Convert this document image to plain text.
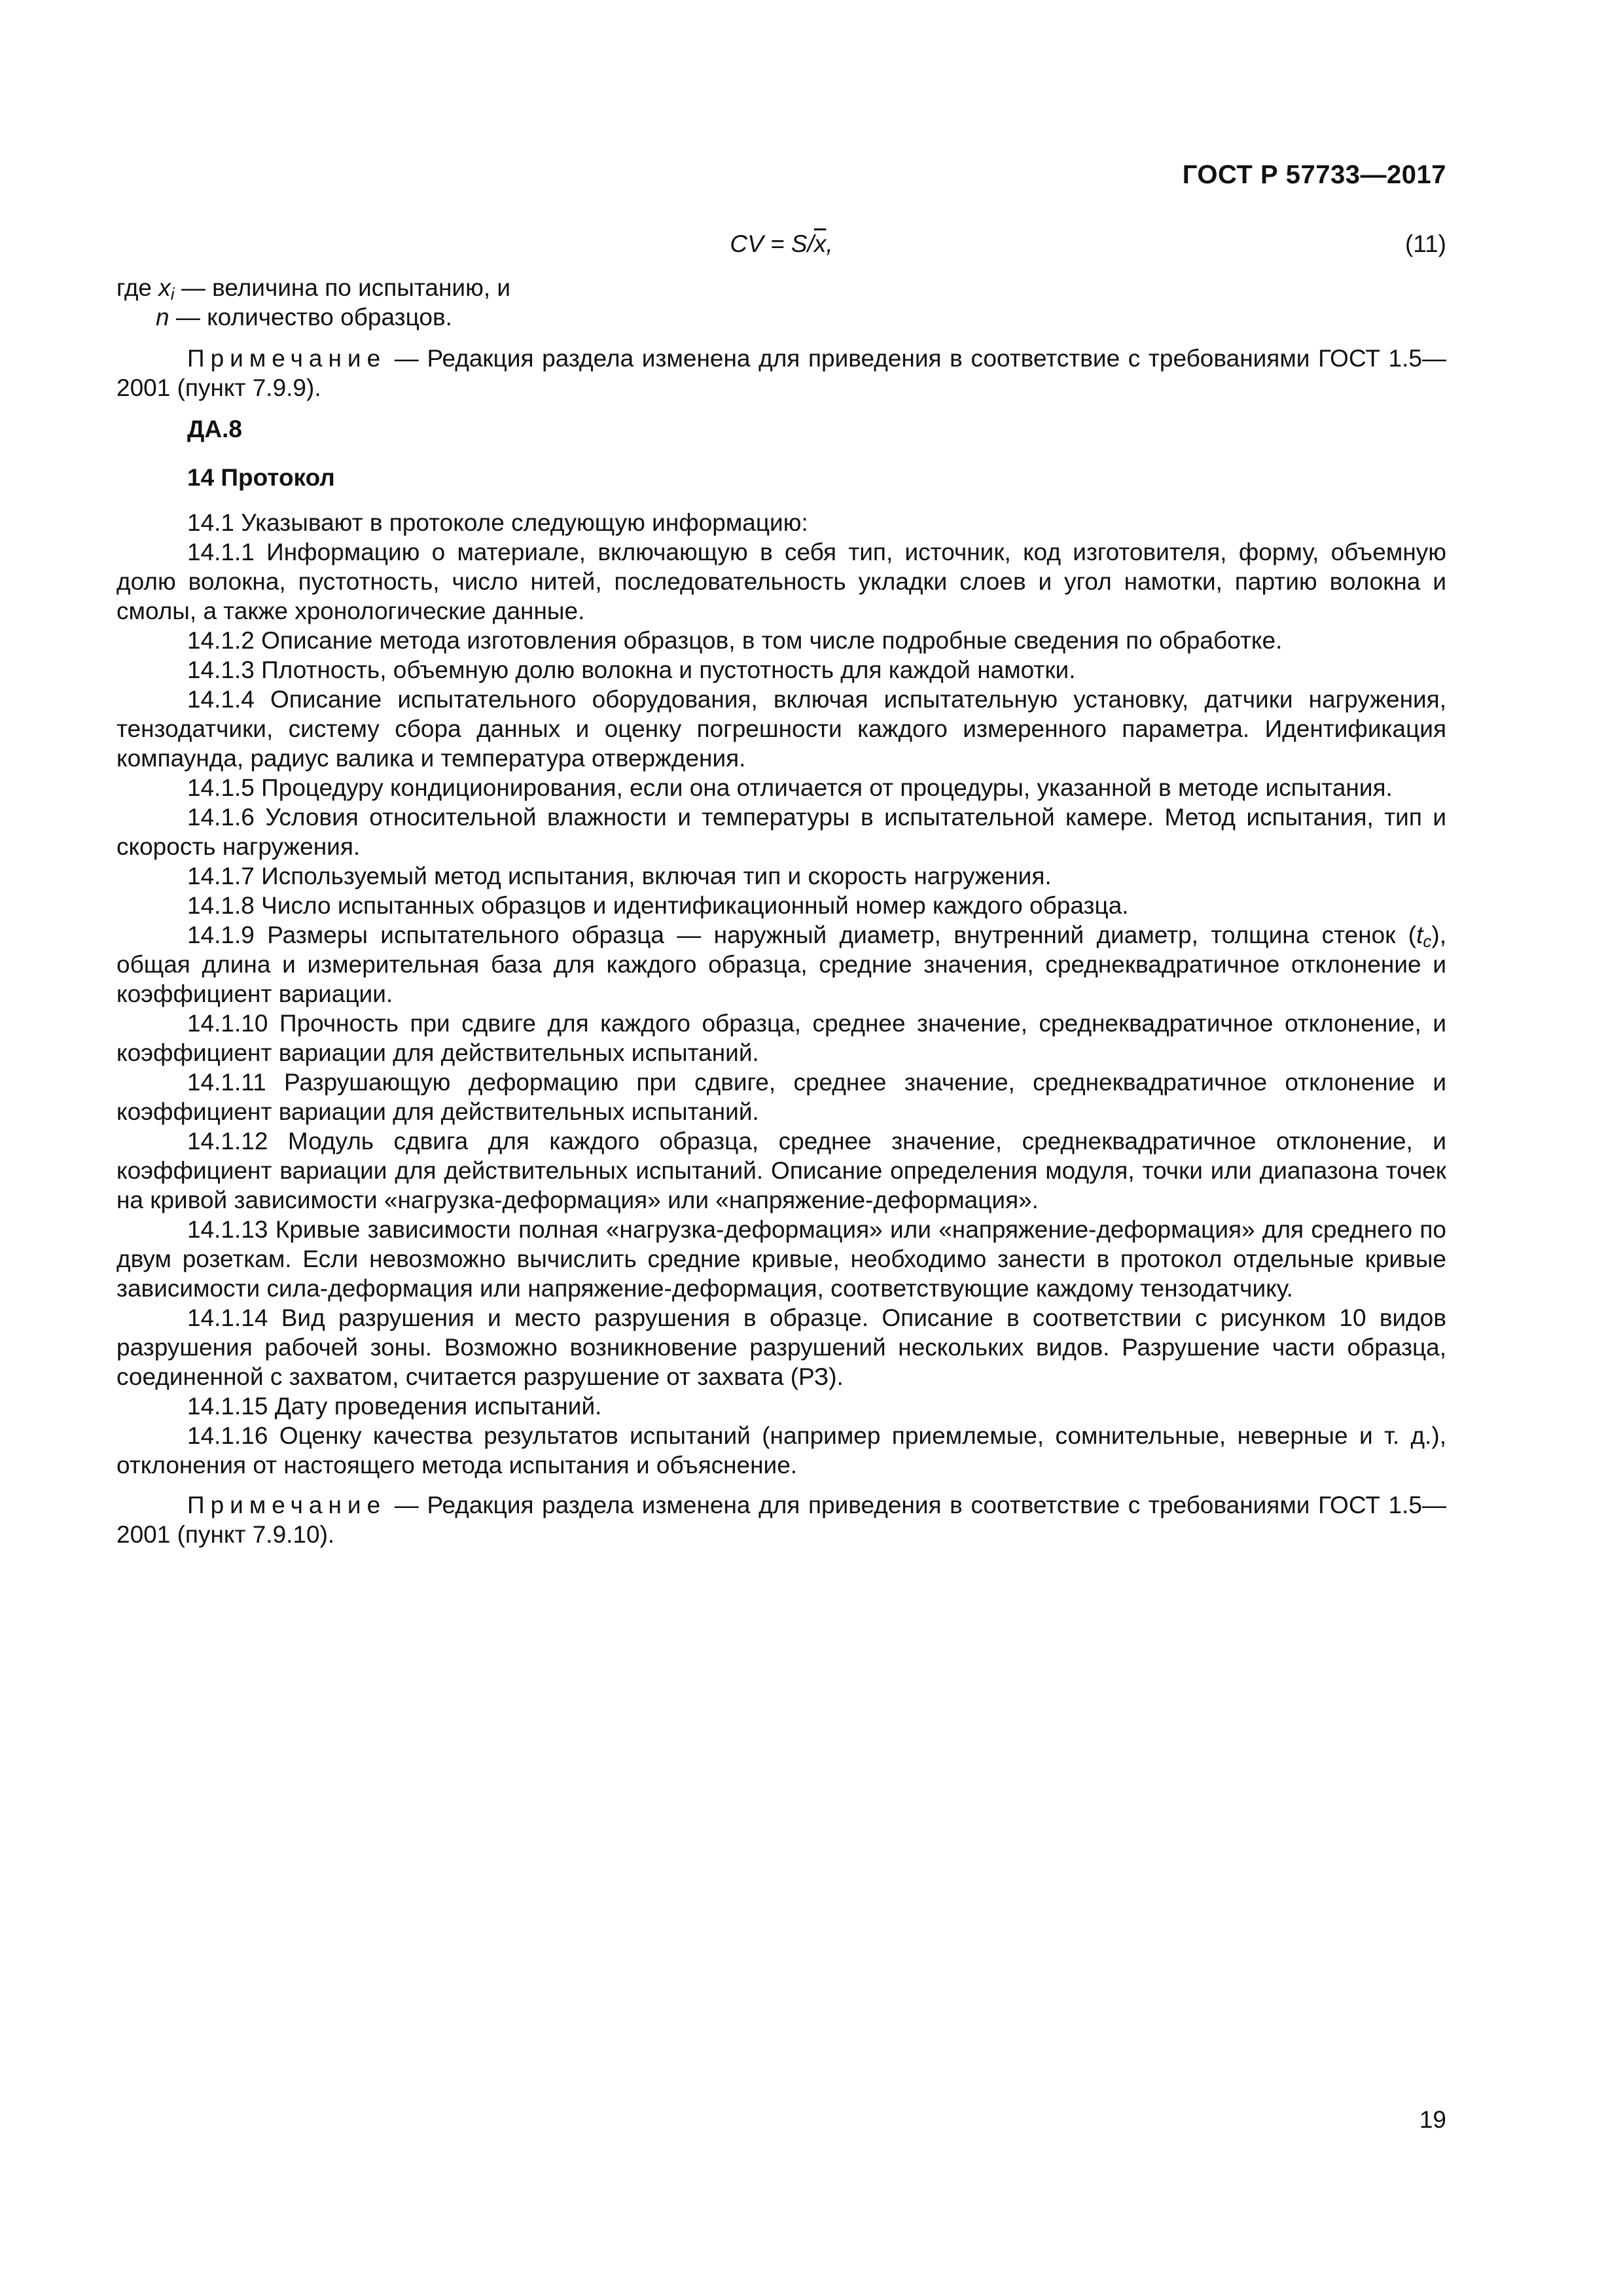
ГОСТ Р 57733—2017
CV = $S/\overline{x}$,	(11)
где $x_i$ — величина по испытанию, и
n — количество образцов.
Примечание — Редакция раздела изменена для приведения в соответствие с требованиями ГОСТ 1.5—2001 (пункт 7.9.9).
ДА.8
14 Протокол

14.1 Указывают в протоколе следующую информацию:

14.1.1 Информацию о материале, включающую в себя тип, источник, код изготовителя, форму, объемную долю волокна, пустотность, число нитей, последовательность укладки слоев и угол намотки, партию волокна и смолы, а также хронологические данные.

14.1.2 Описание метода изготовления образцов, в том числе подробные сведения по обработке.

14.1.3 Плотность, объемную долю волокна и пустотность для каждой намотки.

14.1.4 Описание испытательного оборудования, включая испытательную установку, датчики нагружения, тензодатчики, систему сбора данных и оценку погрешности каждого измеренного параметра. Идентификация компаунда, радиус валика и температура отверждения.

14.1.5 Процедуру кондиционирования, если она отличается от процедуры, указанной в методе испытания.

14.1.6 Условия относительной влажности и температуры в испытательной камере. Метод испытания, тип и скорость нагружения.

14.1.7 Используемый метод испытания, включая тип и скорость нагружения.

14.1.8 Число испытанных образцов и идентификационный номер каждого образца.

14.1.9 Размеры испытательного образца — наружный диаметр, внутренний диаметр, толщина стенок $(t_c)$, общая длина и измерительная база для каждого образца, средние значения, среднеквадратичное отклонение и коэффициент вариации.

14.1.10 Прочность при сдвиге для каждого образца, среднее значение, среднеквадратичное отклонение, и коэффициент вариации для действительных испытаний.

14.1.11 Разрушающую деформацию при сдвиге, среднее значение, среднеквадратичное отклонение и коэффициент вариации для действительных испытаний.

14.1.12 Модуль сдвига для каждого образца, среднее значение, среднеквадратичное отклонение, и коэффициент вариации для действительных испытаний. Описание определения модуля, точки или диапазона точек на кривой зависимости «нагрузка-деформация» или «напряжение-деформация».

14.1.13 Кривые зависимости полная «нагрузка-деформация» или «напряжение-деформация» для среднего по двум розеткам. Если невозможно вычислить средние кривые, необходимо занести в протокол отдельные кривые зависимости сила-деформация или напряжение-деформация, соответствующие каждому тензодатчику.

14.1.14 Вид разрушения и место разрушения в образце. Описание в соответствии с рисунком 10 видов разрушения рабочей зоны. Возможно возникновение разрушений нескольких видов. Разрушение части образца, соединенной с захватом, считается разрушение от захвата (РЗ).

14.1.15 Дату проведения испытаний.

14.1.16 Оценку качества результатов испытаний (например приемлемые, сомнительные, неверные и т. д.), отклонения от настоящего метода испытания и объяснение.

Примечание — Редакция раздела изменена для приведения в соответствие с требованиями ГОСТ 1.5—2001 (пункт 7.9.10).
19
